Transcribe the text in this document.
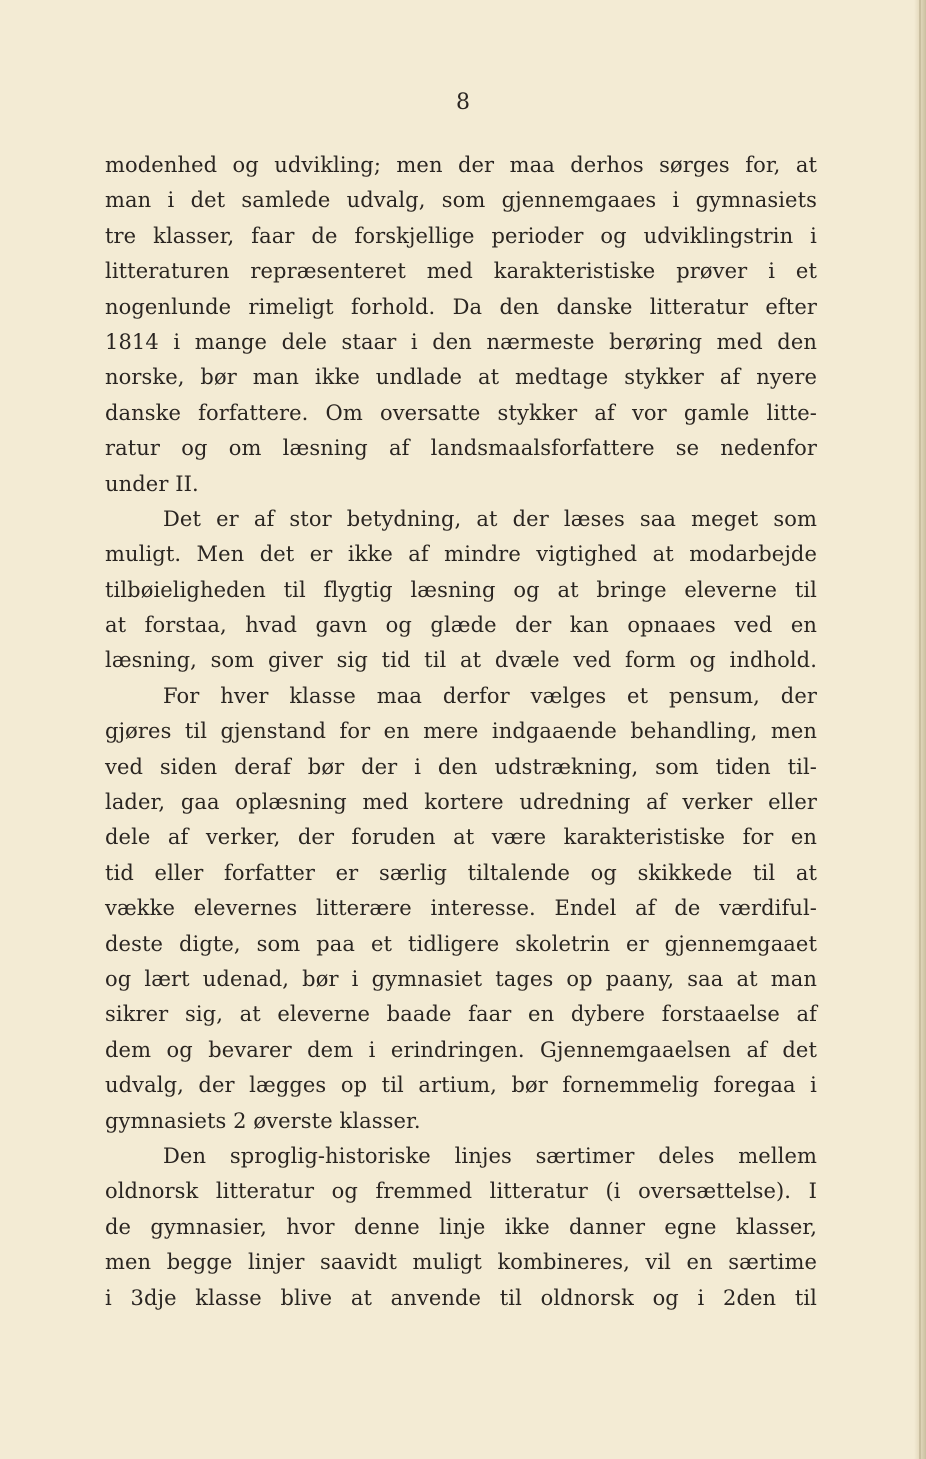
8
modenhed og udvikling; men der maa derhos sørges for, at
man i det samlede udvalg, som gjennemgaaes i gymnasiets
tre klasser, faar de forskjellige perioder og udviklingstrin i
litteraturen repræsenteret med karakteristiske prøver i et
nogenlunde rimeligt forhold. Da den danske litteratur efter
1814 i mange dele staar i den nærmeste berøring med den
norske, bør man ikke undlade at medtage stykker af nyere
danske forfattere. Om oversatte stykker af vor gamle litte-
ratur og om læsning af landsmaalsforfattere se nedenfor
under II.
Det er af stor betydning, at der læses saa meget som
muligt. Men det er ikke af mindre vigtighed at modarbejde
tilbøieligheden til flygtig læsning og at bringe eleverne til
at forstaa, hvad gavn og glæde der kan opnaaes ved en
læsning, som giver sig tid til at dvæle ved form og indhold.
For hver klasse maa derfor vælges et pensum, der
gjøres til gjenstand for en mere indgaaende behandling, men
ved siden deraf bør der i den udstrækning, som tiden til-
lader, gaa oplæsning med kortere udredning af verker eller
dele af verker, der foruden at være karakteristiske for en
tid eller forfatter er særlig tiltalende og skikkede til at
vække elevernes litterære interesse. Endel af de værdiful-
deste digte, som paa et tidligere skoletrin er gjennemgaaet
og lært udenad, bør i gymnasiet tages op paany, saa at man
sikrer sig, at eleverne baade faar en dybere forstaaelse af
dem og bevarer dem i erindringen. Gjennemgaaelsen af det
udvalg, der lægges op til artium, bør fornemmelig foregaa i
gymnasiets 2 øverste klasser.
Den sproglig-historiske linjes særtimer deles mellem
oldnorsk litteratur og fremmed litteratur (i oversættelse). I
de gymnasier, hvor denne linje ikke danner egne klasser,
men begge linjer saavidt muligt kombineres, vil en særtime
i 3dje klasse blive at anvende til oldnorsk og i 2den til
